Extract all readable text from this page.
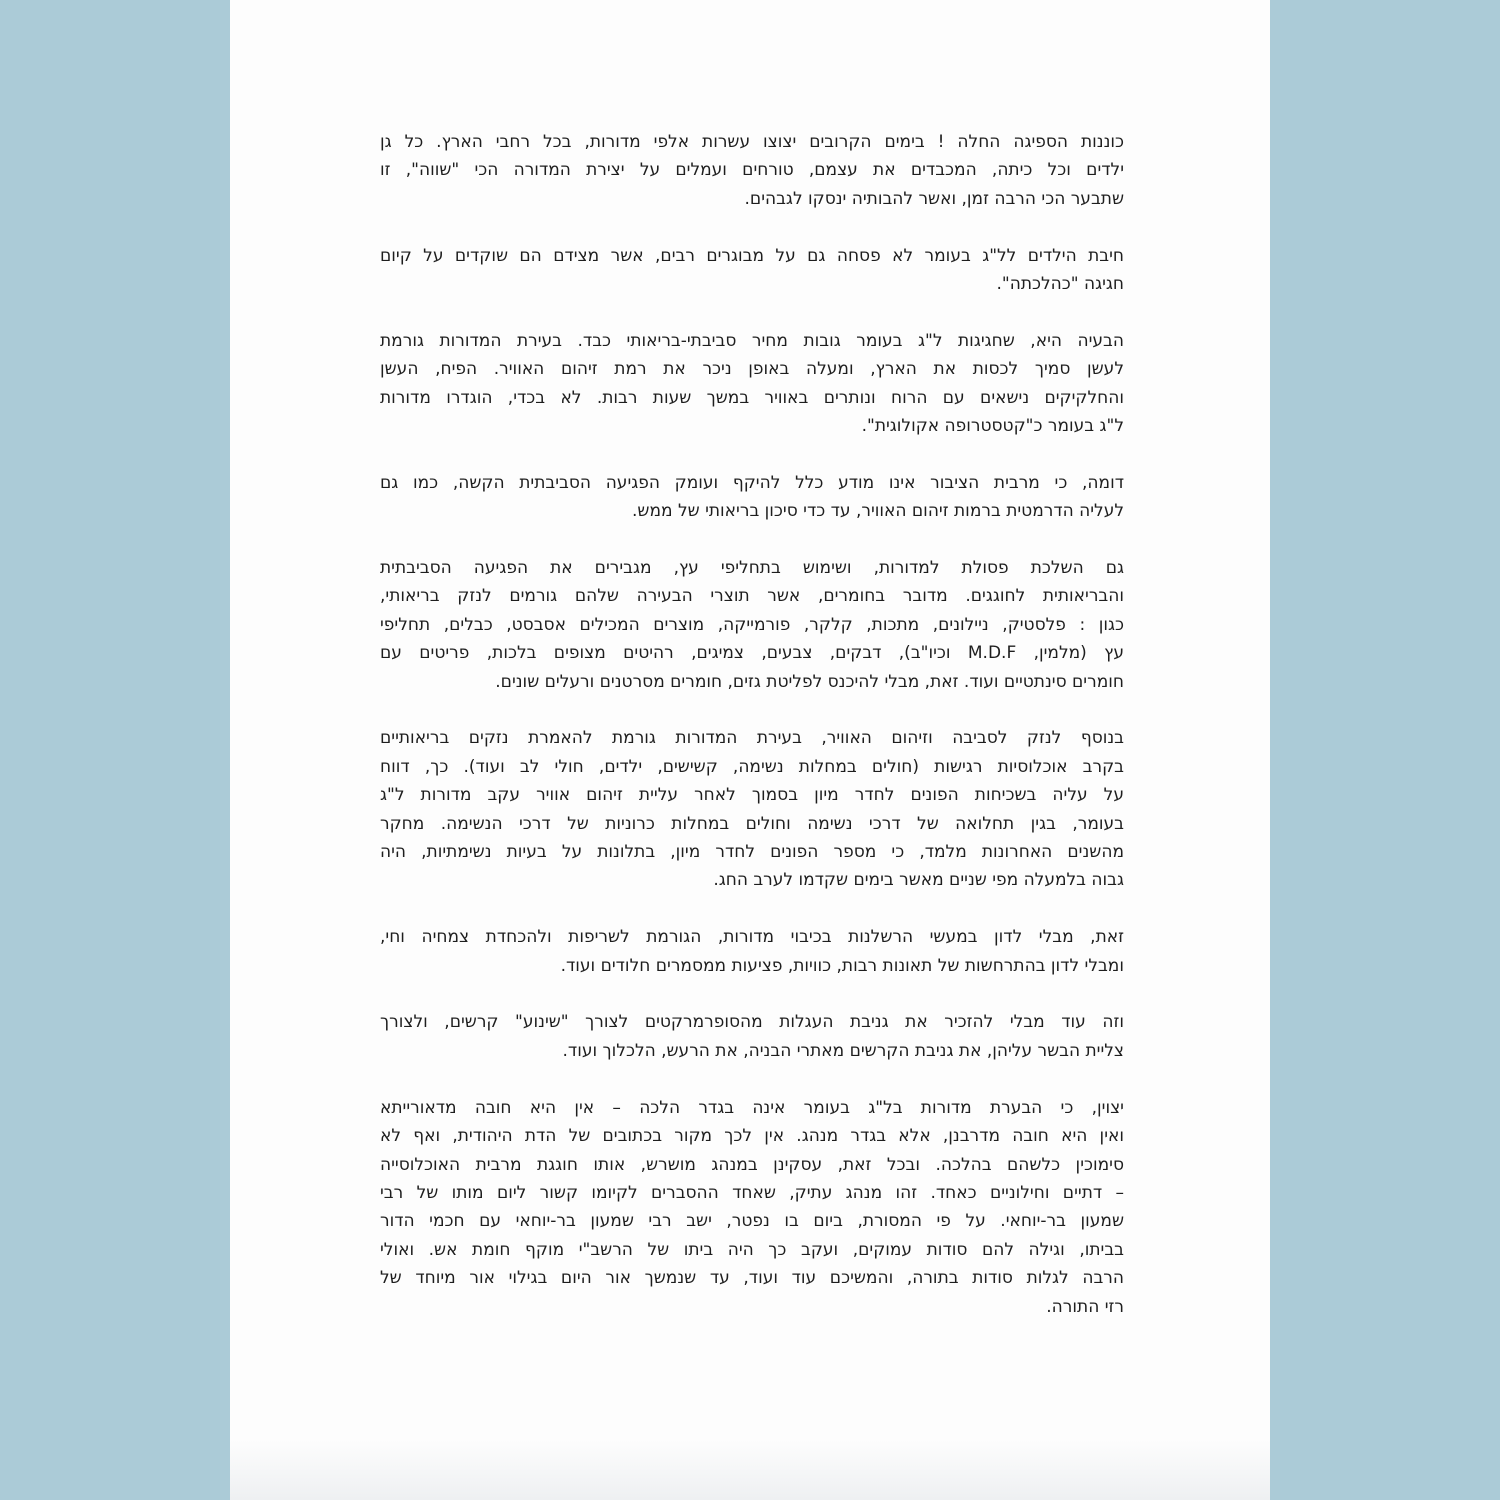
כוננות הספיגה החלה ! בימים הקרובים יצוצו עשרות אלפי מדורות, בכל רחבי הארץ. כל גן
ילדים וכל כיתה, המכבדים את עצמם, טורחים ועמלים על יצירת המדורה הכי "שווה", זו
שתבער הכי הרבה זמן, ואשר להבותיה ינסקו לגבהים.
חיבת הילדים לל"ג בעומר לא פסחה גם על מבוגרים רבים, אשר מצידם הם שוקדים על קיום
חגיגה "כהלכתה".
הבעיה היא, שחגיגות ל"ג בעומר גובות מחיר סביבתי-בריאותי כבד. בעירת המדורות גורמת
לעשן סמיך לכסות את הארץ, ומעלה באופן ניכר את רמת זיהום האוויר. הפיח, העשן
והחלקיקים נישאים עם הרוח ונותרים באוויר במשך שעות רבות. לא בכדי, הוגדרו מדורות
ל"ג בעומר כ"קטסטרופה אקולוגית".
דומה, כי מרבית הציבור אינו מודע כלל להיקף ועומק הפגיעה הסביבתית הקשה, כמו גם
לעליה הדרמטית ברמות זיהום האוויר, עד כדי סיכון בריאותי של ממש.
גם השלכת פסולת למדורות, ושימוש בתחליפי עץ, מגבירים את הפגיעה הסביבתית
והבריאותית לחוגגים. מדובר בחומרים, אשר תוצרי הבעירה שלהם גורמים לנזק בריאותי,
כגון : פלסטיק, ניילונים, מתכות, קלקר, פורמייקה, מוצרים המכילים אסבסט, כבלים, תחליפי
עץ (מלמין, M.D.F וכיו"ב), דבקים, צבעים, צמיגים, רהיטים מצופים בלכות, פריטים עם
חומרים סינתטיים ועוד. זאת, מבלי להיכנס לפליטת גזים, חומרים מסרטנים ורעלים שונים.
בנוסף לנזק לסביבה וזיהום האוויר, בעירת המדורות גורמת להאמרת נזקים בריאותיים
בקרב אוכלוסיות רגישות (חולים במחלות נשימה, קשישים, ילדים, חולי לב ועוד). כך, דווח
על עליה בשכיחות הפונים לחדר מיון בסמוך לאחר עליית זיהום אוויר עקב מדורות ל"ג
בעומר, בגין תחלואה של דרכי נשימה וחולים במחלות כרוניות של דרכי הנשימה. מחקר
מהשנים האחרונות מלמד, כי מספר הפונים לחדר מיון, בתלונות על בעיות נשימתיות, היה
גבוה בלמעלה מפי שניים מאשר בימים שקדמו לערב החג.
זאת, מבלי לדון במעשי הרשלנות בכיבוי מדורות, הגורמת לשריפות ולהכחדת צמחיה וחי,
ומבלי לדון בהתרחשות של תאונות רבות, כוויות, פציעות ממסמרים חלודים ועוד.
וזה עוד מבלי להזכיר את גניבת העגלות מהסופרמרקטים לצורך "שינוע" קרשים, ולצורך
צליית הבשר עליהן, את גניבת הקרשים מאתרי הבניה, את הרעש, הלכלוך ועוד.
יצוין, כי הבערת מדורות בל"ג בעומר אינה בגדר הלכה – אין היא חובה מדאורייתא
ואין היא חובה מדרבנן, אלא בגדר מנהג. אין לכך מקור בכתובים של הדת היהודית, ואף לא
סימוכין כלשהם בהלכה. ובכל זאת, עסקינן במנהג מושרש, אותו חוגגת מרבית האוכלוסייה
– דתיים וחילוניים כאחד. זהו מנהג עתיק, שאחד ההסברים לקיומו קשור ליום מותו של רבי
שמעון בר-יוחאי. על פי המסורת, ביום בו נפטר, ישב רבי שמעון בר-יוחאי עם חכמי הדור
בביתו, וגילה להם סודות עמוקים, ועקב כך היה ביתו של הרשב"י מוקף חומת אש. ואולי
הרבה לגלות סודות בתורה, והמשיכם עוד ועוד, עד שנמשך אור היום בגילוי אור מיוחד של
רזי התורה.
